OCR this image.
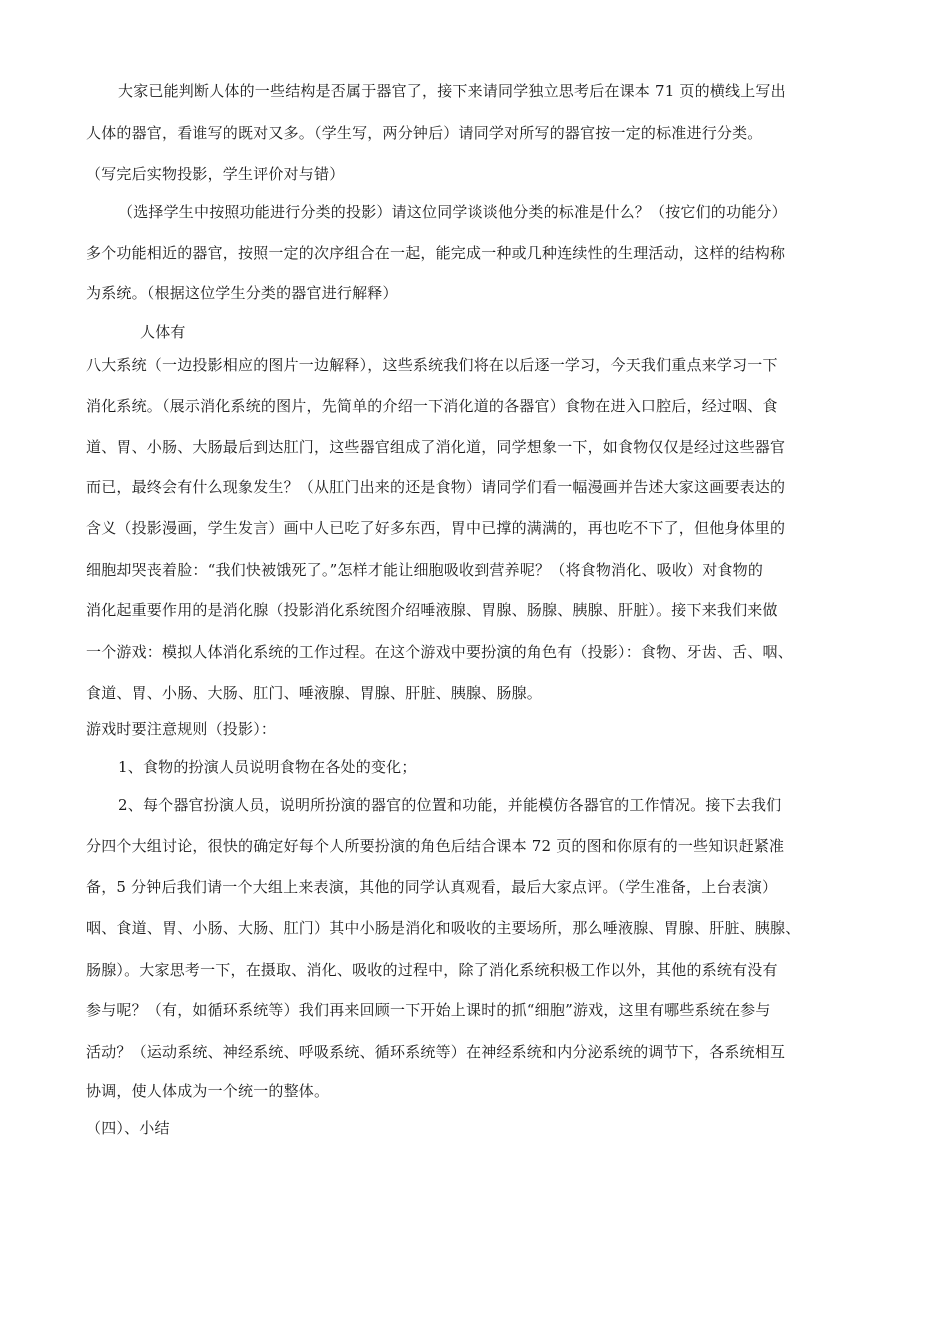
大家已能判断人体的一些结构是否属于器官了，接下来请同学独立思考后在课本 71 页的横线上写出
人体的器官，看谁写的既对又多。（学生写，两分钟后）请同学对所写的器官按一定的标准进行分类。
（写完后实物投影，学生评价对与错）
（选择学生中按照功能进行分类的投影）请这位同学谈谈他分类的标准是什么？（按它们的功能分）
多个功能相近的器官，按照一定的次序组合在一起，能完成一种或几种连续性的生理活动，这样的结构称
为系统。（根据这位学生分类的器官进行解释）
人体有
八大系统（一边投影相应的图片一边解释），这些系统我们将在以后逐一学习，今天我们重点来学习一下
消化系统。（展示消化系统的图片，先简单的介绍一下消化道的各器官）食物在进入口腔后，经过咽、食
道、胃、小肠、大肠最后到达肛门，这些器官组成了消化道，同学想象一下，如食物仅仅是经过这些器官
而已，最终会有什么现象发生？（从肛门出来的还是食物）请同学们看一幅漫画并告述大家这画要表达的
含义（投影漫画，学生发言）画中人已吃了好多东西，胃中已撑的满满的，再也吃不下了，但他身体里的
细胞却哭丧着脸：“我们快被饿死了。”怎样才能让细胞吸收到营养呢？（将食物消化、吸收）对食物的
消化起重要作用的是消化腺（投影消化系统图介绍唾液腺、胃腺、肠腺、胰腺、肝脏）。接下来我们来做
一个游戏：模拟人体消化系统的工作过程。在这个游戏中要扮演的角色有（投影）：食物、牙齿、舌、咽、
食道、胃、小肠、大肠、肛门、唾液腺、胃腺、肝脏、胰腺、肠腺。
游戏时要注意规则（投影）：
1、食物的扮演人员说明食物在各处的变化；
2、每个器官扮演人员，说明所扮演的器官的位置和功能，并能模仿各器官的工作情况。接下去我们
分四个大组讨论，很快的确定好每个人所要扮演的角色后结合课本 72 页的图和你原有的一些知识赶紧准
备，5 分钟后我们请一个大组上来表演，其他的同学认真观看，最后大家点评。（学生准备，上台表演）
咽、食道、胃、小肠、大肠、肛门）其中小肠是消化和吸收的主要场所，那么唾液腺、胃腺、肝脏、胰腺、
肠腺）。大家思考一下，在摄取、消化、吸收的过程中，除了消化系统积极工作以外，其他的系统有没有
参与呢？（有，如循环系统等）我们再来回顾一下开始上课时的抓“细胞”游戏，这里有哪些系统在参与
活动？（运动系统、神经系统、呼吸系统、循环系统等）在神经系统和内分泌系统的调节下，各系统相互
协调，使人体成为一个统一的整体。
（四）、小结
